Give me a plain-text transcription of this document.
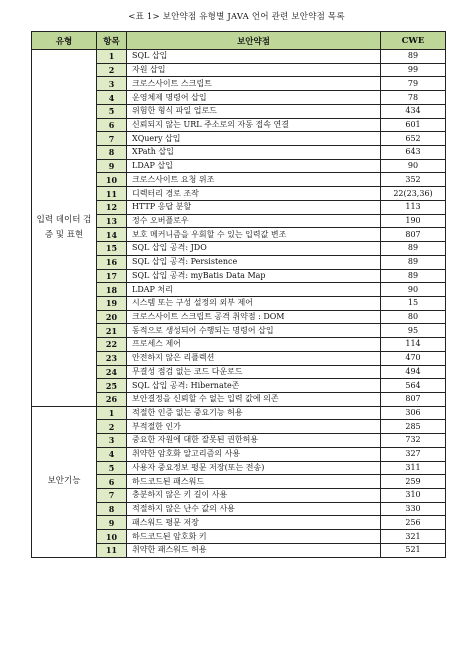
<표 1> 보안약점 유형별 JAVA 언어 관련 보안약점 목록
유형	항목	보안약점	CWE
입력 데이터 검증 및 표현	1	SQL 삽입	89
	2	자원 삽입	99
	3	크로스사이트 스크립트	79
	4	운영체제 명령어 삽입	78
	5	위험한 형식 파일 업로드	434
	6	신뢰되지 않는 URL 주소로의 자동 접속 연결	601
	7	XQuery 삽입	652
	8	XPath 삽입	643
	9	LDAP 삽입	90
	10	크로스사이트 요청 위조	352
	11	디렉터리 경로 조작	22(23,36)
	12	HTTP 응답 분할	113
	13	정수 오버플로우	190
	14	보호 메커니즘을 우회할 수 있는 입력값 변조	807
	15	SQL 삽입 공격: JDO	89
	16	SQL 삽입 공격: Persistence	89
	17	SQL 삽입 공격: myBatis Data Map	89
	18	LDAP 처리	90
	19	시스템 또는 구성 설정의 외부 제어	15
	20	크로스사이트 스크립트 공격 취약점 : DOM	80
	21	동적으로 생성되어 수행되는 명령어 삽입	95
	22	프로세스 제어	114
	23	안전하지 않은 리플렉션	470
	24	무결성 점검 없는 코드 다운로드	494
	25	SQL 삽입 공격: Hibernate존	564
	26	보안결정을 신뢰할 수 없는 입력 값에 의존	807
보안기능	1	적절한 인증 없는 중요기능 허용	306
	2	부적절한 인가	285
	3	중요한 자원에 대한 잘못된 권한허용	732
	4	취약한 암호화 알고리즘의 사용	327
	5	사용자 중요정보 평문 저장(또는 전송)	311
	6	하드코드된 패스워드	259
	7	충분하지 않은 키 길이 사용	310
	8	적절하지 않은 난수 값의 사용	330
	9	패스워드 평문 저장	256
	10	하드코드된 암호화 키	321
	11	취약한 패스워드 허용	521
